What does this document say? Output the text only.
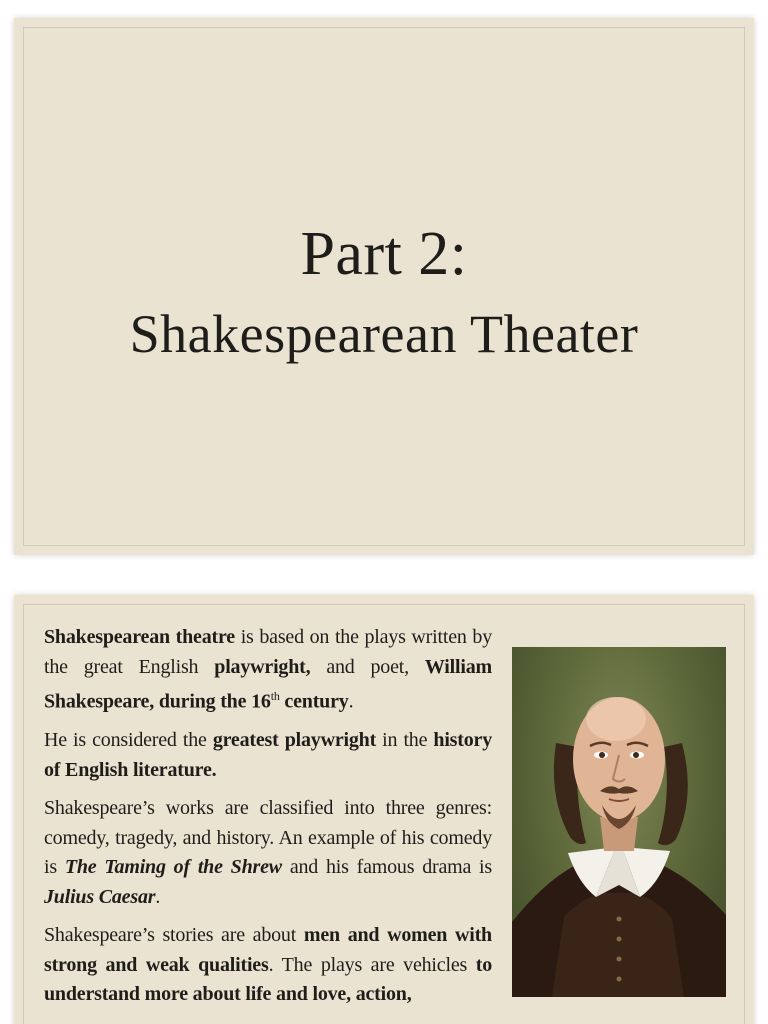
Part 2:
Shakespearean Theater

Shakespearean theatre is based on the plays written by the great English playwright, and poet, William Shakespeare, during the 16th century.

He is considered the greatest playwright in the history of English literature.

Shakespeare’s works are classified into three genres: comedy, tragedy, and history. An example of his comedy is The Taming of the Shrew and his famous drama is Julius Caesar.

Shakespeare’s stories are about men and women with strong and weak qualities. The plays are vehicles to understand more about life and love, action,
